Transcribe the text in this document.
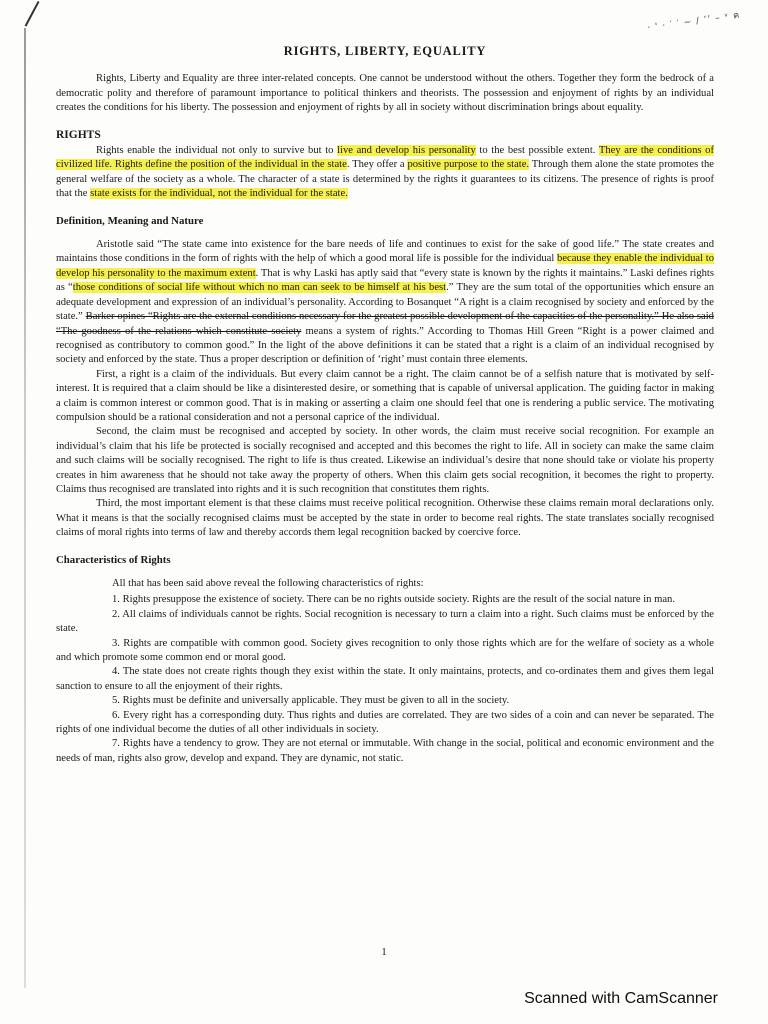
· ' · ′ ′ ~ / ʼ’ – ᵛ ค
RIGHTS, LIBERTY, EQUALITY

Rights, Liberty and Equality are three inter-related concepts. One cannot be understood without the others. Together they form the bedrock of a democratic polity and therefore of paramount importance to political thinkers and theorists. The possession and enjoyment of rights by an individual creates the conditions for his liberty. The possession and enjoyment of rights by all in society without discrimination brings about equality.

RIGHTS

Rights enable the individual not only to survive but to live and develop his personality to the best possible extent. They are the conditions of civilized life. Rights define the position of the individual in the state. They offer a positive purpose to the state. Through them alone the state promotes the general welfare of the society as a whole. The character of a state is determined by the rights it guarantees to its citizens. The presence of rights is proof that the state exists for the individual, not the individual for the state.

Definition, Meaning and Nature

Aristotle said “The state came into existence for the bare needs of life and continues to exist for the sake of good life.” The state creates and maintains those conditions in the form of rights with the help of which a good moral life is possible for the individual because they enable the individual to develop his personality to the maximum extent. That is why Laski has aptly said that “every state is known by the rights it maintains.” Laski defines rights as “those conditions of social life without which no man can seek to be himself at his best.” They are the sum total of the opportunities which ensure an adequate development and expression of an individual’s personality. According to Bosanquet “A right is a claim recognised by society and enforced by the state.” Barker opines “Rights are the external conditions necessary for the greatest possible development of the capacities of the personality.” He also said “The goodness of the relations which constitute society means a system of rights.” According to Thomas Hill Green “Right is a power claimed and recognised as contributory to common good.” In the light of the above definitions it can be stated that a right is a claim of an individual recognised by society and enforced by the state. Thus a proper description or definition of ‘right’ must contain three elements.

First, a right is a claim of the individuals. But every claim cannot be a right. The claim cannot be of a selfish nature that is motivated by self-interest. It is required that a claim should be like a disinterested desire, or something that is capable of universal application. The guiding factor in making a claim is common interest or common good. That is in making or asserting a claim one should feel that one is rendering a public service. The motivating compulsion should be a rational consideration and not a personal caprice of the individual.

Second, the claim must be recognised and accepted by society. In other words, the claim must receive social recognition. For example an individual’s claim that his life be protected is socially recognised and accepted and this becomes the right to life. All in society can make the same claim and such claims will be socially recognised. The right to life is thus created. Likewise an individual’s desire that none should take or violate his property creates in him awareness that he should not take away the property of others. When this claim gets social recognition, it becomes the right to property. Claims thus recognised are translated into rights and it is such recognition that constitutes them rights.

Third, the most important element is that these claims must receive political recognition. Otherwise these claims remain moral declarations only. What it means is that the socially recognised claims must be accepted by the state in order to become real rights. The state translates socially recognised claims of moral rights into terms of law and thereby accords them legal recognition backed by coercive force.

Characteristics of Rights

All that has been said above reveal the following characteristics of rights:

1. Rights presuppose the existence of society. There can be no rights outside society. Rights are the result of the social nature in man.

2. All claims of individuals cannot be rights. Social recognition is necessary to turn a claim into a right. Such claims must be enforced by the state.

3. Rights are compatible with common good. Society gives recognition to only those rights which are for the welfare of society as a whole and which promote some common end or moral good.

4. The state does not create rights though they exist within the state. It only maintains, protects, and co-ordinates them and gives them legal sanction to ensure to all the enjoyment of their rights.

5. Rights must be definite and universally applicable. They must be given to all in the society.

6. Every right has a corresponding duty. Thus rights and duties are correlated. They are two sides of a coin and can never be separated. The rights of one individual become the duties of all other individuals in society.

7. Rights have a tendency to grow. They are not eternal or immutable. With change in the social, political and economic environment and the needs of man, rights also grow, develop and expand. They are dynamic, not static.

1
Scanned with CamScanner
